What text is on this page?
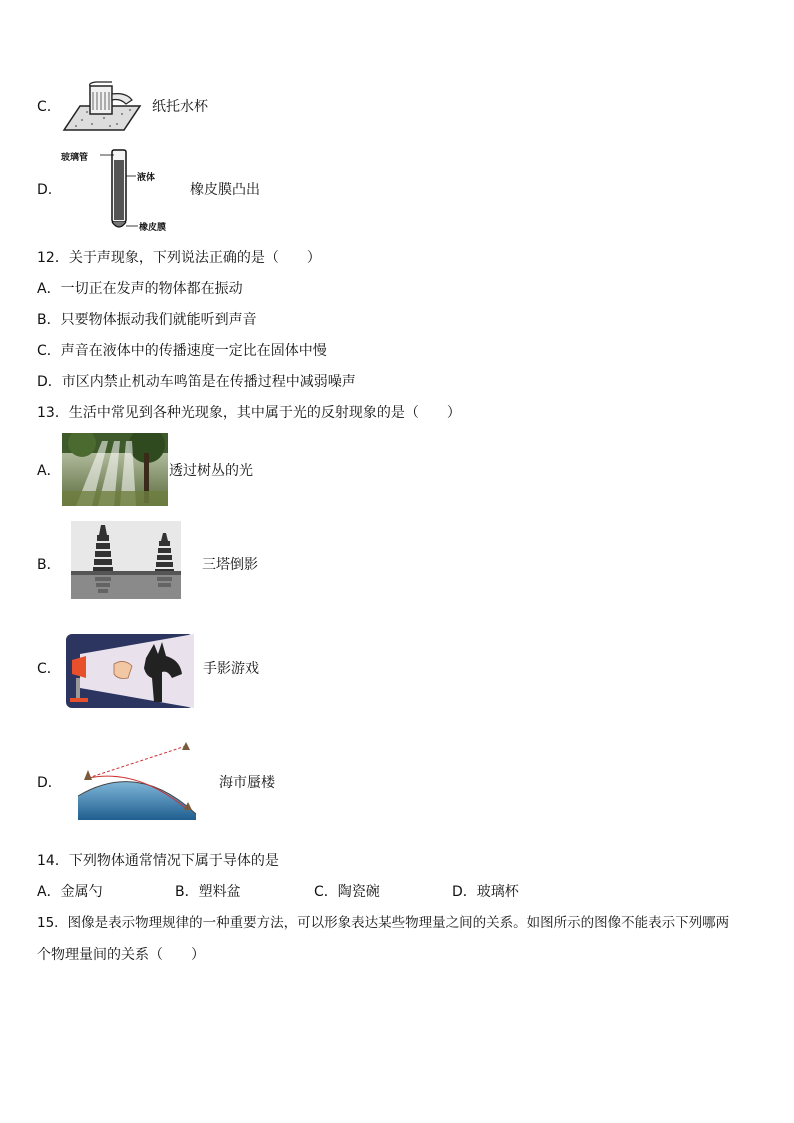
C.	纸托水杯
D.
玻璃管
液体
橡皮膜
橡皮膜凸出
12．关于声现象，下列说法正确的是（　　）
A．一切正在发声的物体都在振动
B．只要物体振动我们就能听到声音
C．声音在液体中的传播速度一定比在固体中慢
D．市区内禁止机动车鸣笛是在传播过程中减弱噪声
13．生活中常见到各种光现象，其中属于光的反射现象的是（　　）
A．	透过树丛的光
B．	三塔倒影
C．	手影游戏
D．	海市蜃楼
14．下列物体通常情况下属于导体的是
A．金属勺	B．塑料盆	C．陶瓷碗	D．玻璃杯
15．图像是表示物理规律的一种重要方法，可以形象表达某些物理量之间的关系。如图所示的图像不能表示下列哪两
个物理量间的关系（　　）
